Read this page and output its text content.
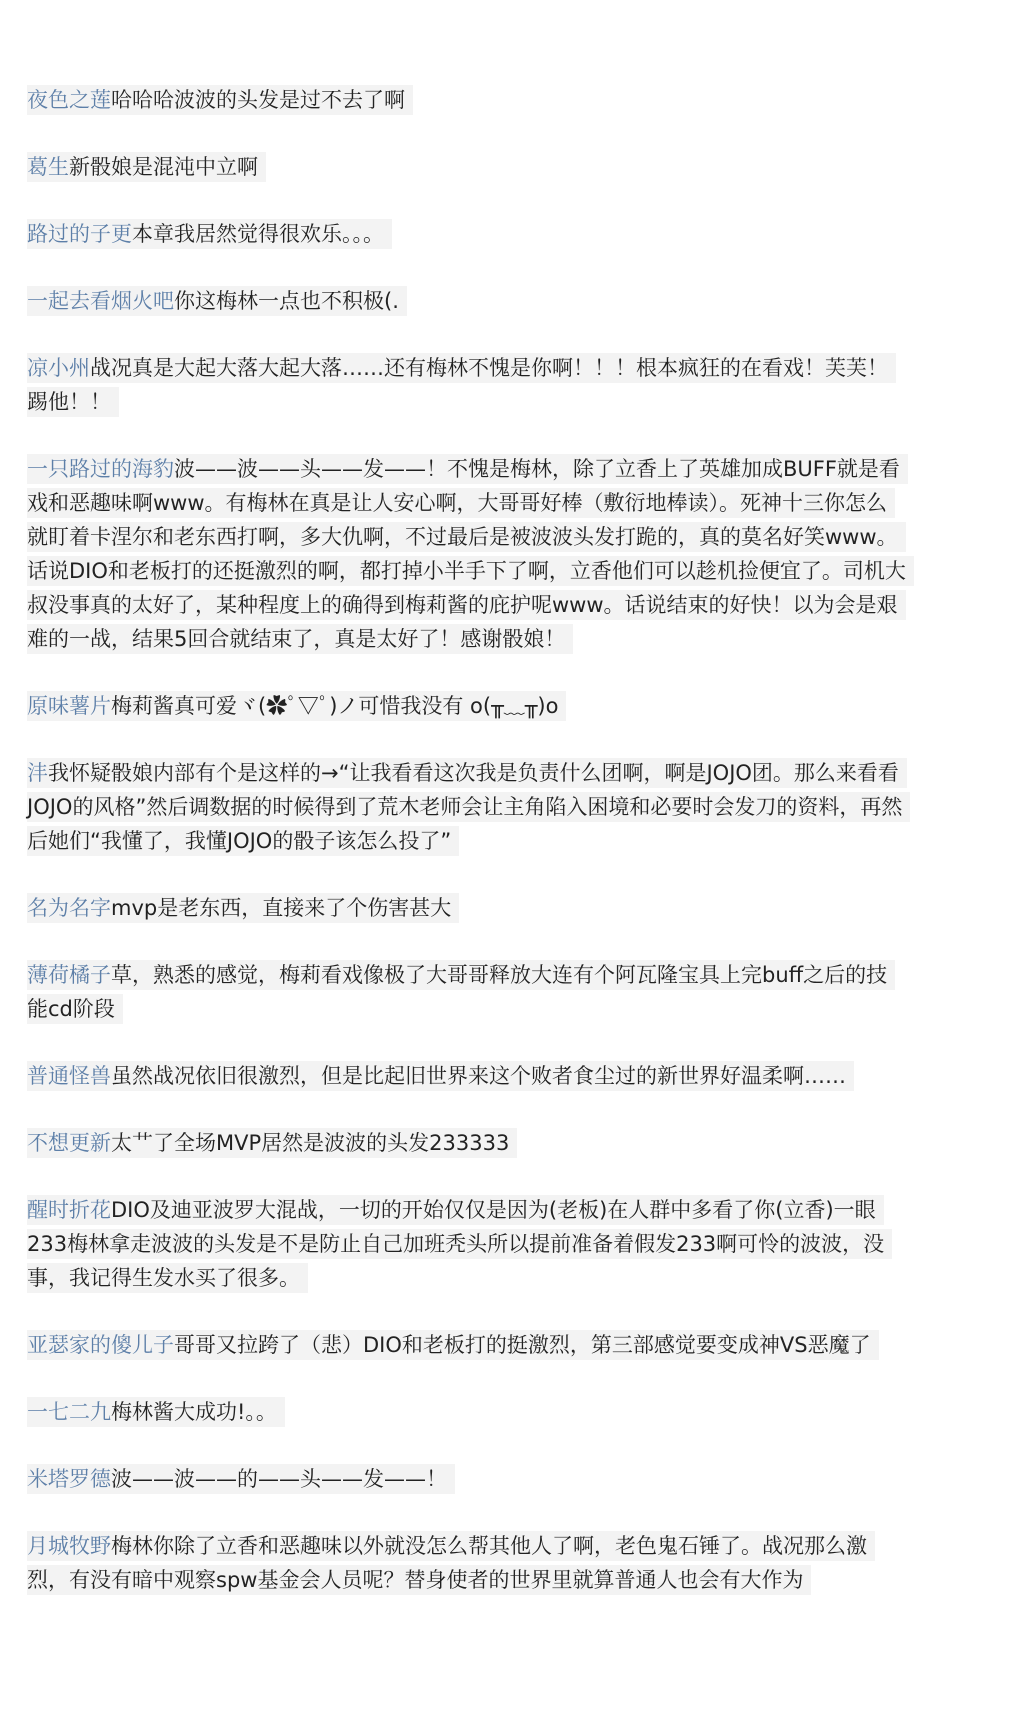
夜色之莲哈哈哈波波的头发是过不去了啊
葛生新骰娘是混沌中立啊
路过的子更本章我居然觉得很欢乐。。。
一起去看烟火吧你这梅林一点也不积极(.
凉小州战况真是大起大落大起大落……还有梅林不愧是你啊！！！根本疯狂的在看戏！芙芙！踢他！！
一只路过的海豹波——波——头——发——！不愧是梅林，除了立香上了英雄加成BUFF就是看戏和恶趣味啊www。有梅林在真是让人安心啊，大哥哥好棒（敷衍地棒读）。死神十三你怎么就盯着卡涅尔和老东西打啊，多大仇啊，不过最后是被波波头发打跪的，真的莫名好笑www。话说DIO和老板打的还挺激烈的啊，都打掉小半手下了啊，立香他们可以趁机捡便宜了。司机大叔没事真的太好了，某种程度上的确得到梅莉酱的庇护呢www。话说结束的好快！以为会是艰难的一战，结果5回合就结束了，真是太好了！感谢骰娘！
原味薯片梅莉酱真可爱ヾ(✿ﾟ▽ﾟ)ノ可惜我没有 o(╥﹏╥)o
沣我怀疑骰娘内部有个是这样的→“让我看看这次我是负责什么团啊，啊是JOJO团。那么来看看JOJO的风格”然后调数据的时候得到了荒木老师会让主角陷入困境和必要时会发刀的资料，再然后她们“我懂了，我懂JOJO的骰子该怎么投了”
名为名字mvp是老东西，直接来了个伤害甚大
薄荷橘子草，熟悉的感觉，梅莉看戏像极了大哥哥释放大连有个阿瓦隆宝具上完buff之后的技能cd阶段
普通怪兽虽然战况依旧很激烈，但是比起旧世界来这个败者食尘过的新世界好温柔啊……
不想更新太艹了全场MVP居然是波波的头发233333
醒时折花DIO及迪亚波罗大混战，一切的开始仅仅是因为(老板)在人群中多看了你(立香)一眼233梅林拿走波波的头发是不是防止自己加班秃头所以提前准备着假发233啊可怜的波波，没事，我记得生发水买了很多。
亚瑟家的傻儿子哥哥又拉跨了（悲）DIO和老板打的挺激烈，第三部感觉要变成神VS恶魔了
一七二九梅林酱大成功!。。
米塔罗德波——波——的——头——发——！
月城牧野梅林你除了立香和恶趣味以外就没怎么帮其他人了啊，老色鬼石锤了。战况那么激烈，有没有暗中观察spw基金会人员呢？替身使者的世界里就算普通人也会有大作为
